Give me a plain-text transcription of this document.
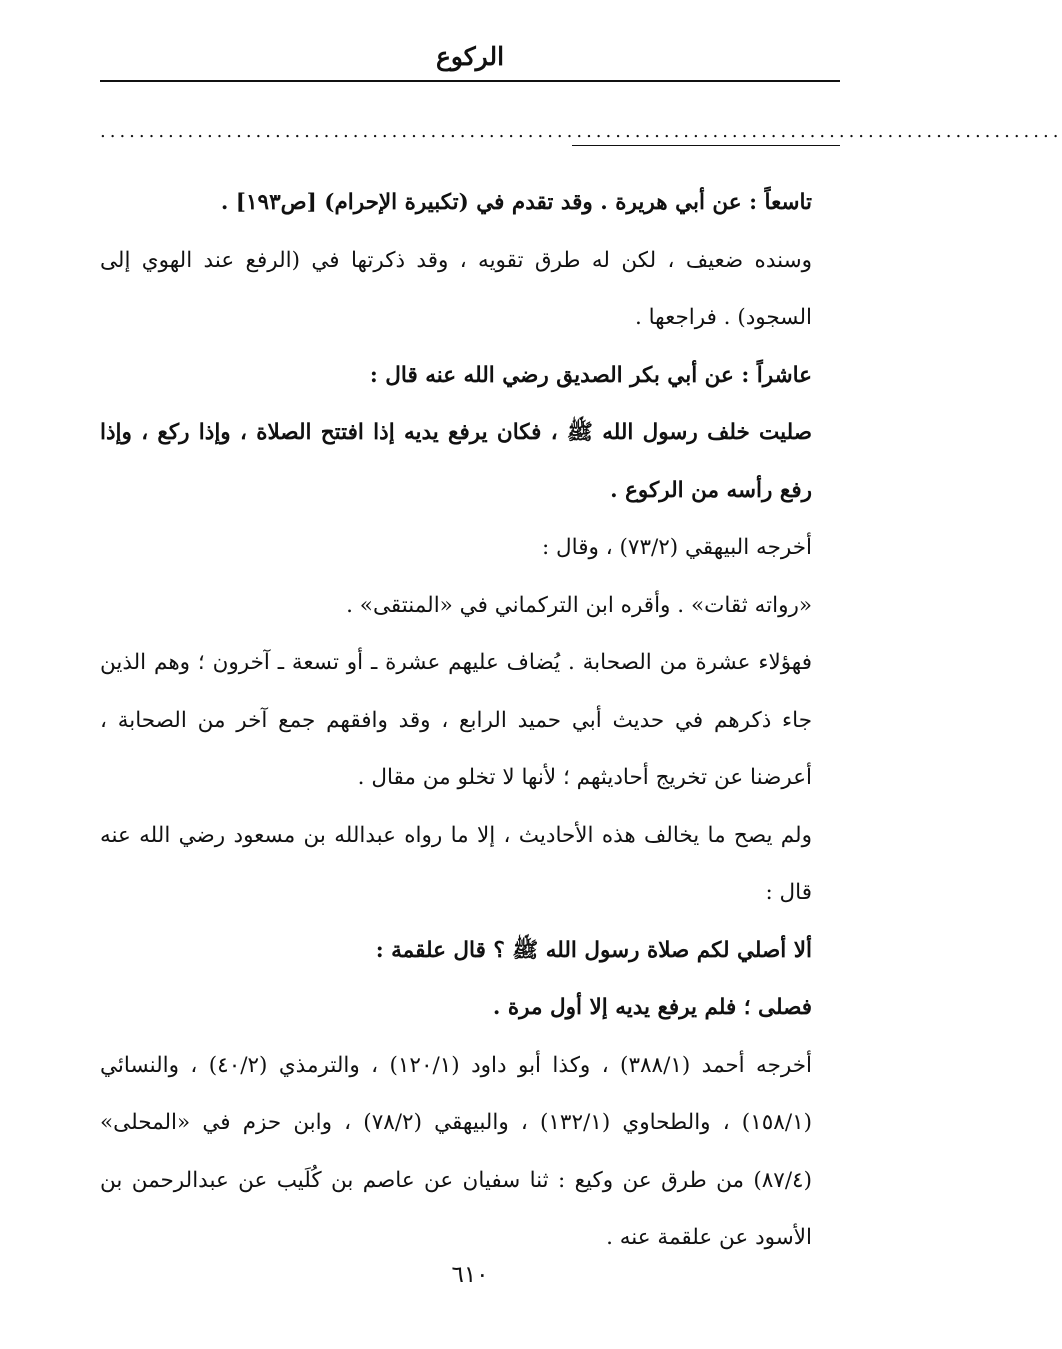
الركوع
...................................................................................................

تاسعاً : عن أبي هريرة . وقد تقدم في (تكبيرة الإحرام) [ص١٩٣] .

وسنده ضعيف ، لكن له طرق تقويه ، وقد ذكرتها في (الرفع عند الهوي إلى السجود) . فراجعها .

عاشراً : عن أبي بكر الصديق رضي الله عنه قال :

صليت خلف رسول الله ﷺ ، فكان يرفع يديه إذا افتتح الصلاة ، وإذا ركع ، وإذا رفع رأسه من الركوع .

أخرجه البيهقي (٧٣/٢) ، وقال :

«رواته ثقات» . وأقره ابن التركماني في «المنتقى» .

فهؤلاء عشرة من الصحابة . يُضاف عليهم عشرة ـ أو تسعة ـ آخرون ؛ وهم الذين جاء ذكرهم في حديث أبي حميد الرابع ، وقد وافقهم جمع آخر من الصحابة ، أعرضنا عن تخريج أحاديثهم ؛ لأنها لا تخلو من مقال .

ولم يصح ما يخالف هذه الأحاديث ، إلا ما رواه عبدالله بن مسعود رضي الله عنه قال :

ألا أصلي لكم صلاة رسول الله ﷺ ؟ قال علقمة :

فصلى ؛ فلم يرفع يديه إلا أول مرة .

أخرجه أحمد (٣٨٨/١) ، وكذا أبو داود (١٢٠/١) ، والترمذي (٤٠/٢) ، والنسائي (١٥٨/١) ، والطحاوي (١٣٢/١) ، والبيهقي (٧٨/٢) ، وابن حزم في «المحلى» (٨٧/٤) من طرق عن وكيع : ثنا سفيان عن عاصم بن كُلَيب عن عبدالرحمن بن الأسود عن علقمة عنه .

٦١٠
